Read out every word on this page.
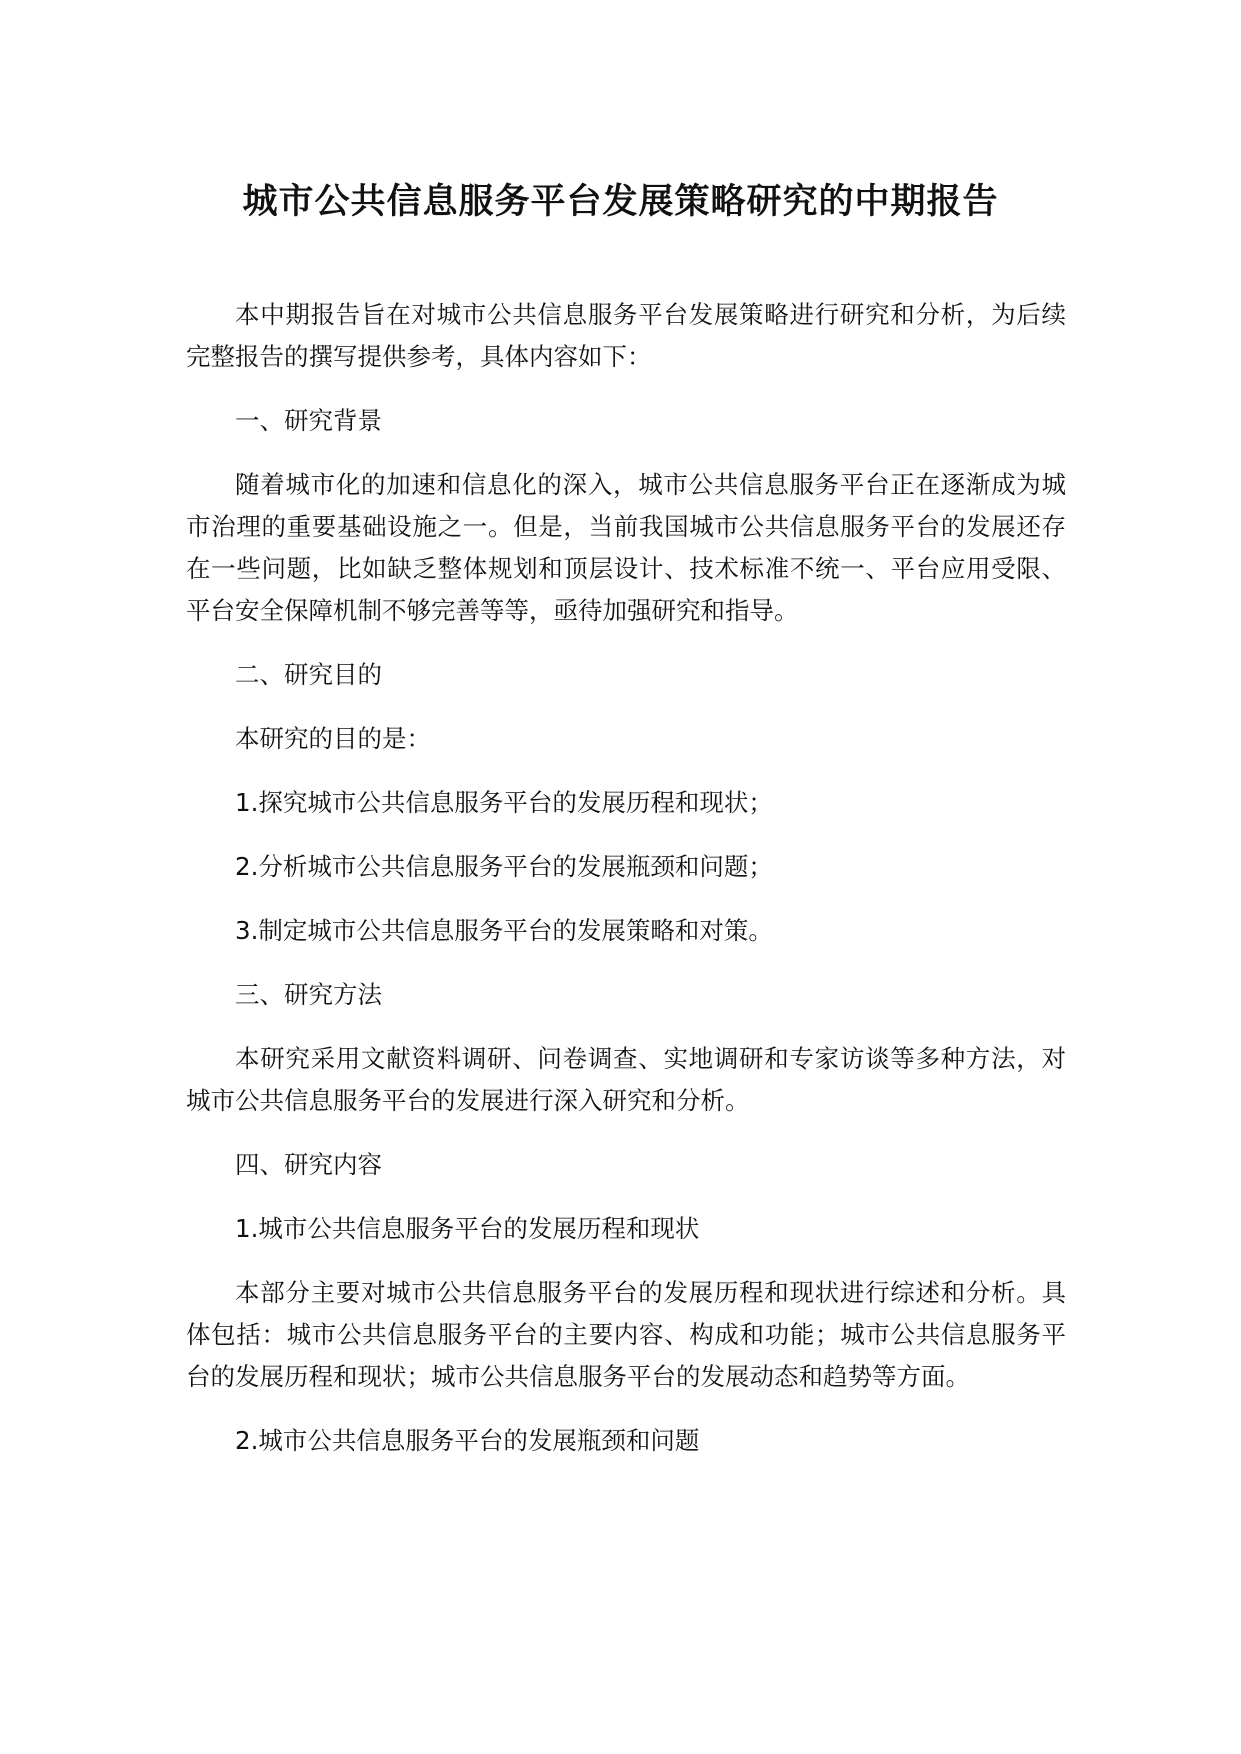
城市公共信息服务平台发展策略研究的中期报告

本中期报告旨在对城市公共信息服务平台发展策略进行研究和分析，为后续完整报告的撰写提供参考，具体内容如下：

一、研究背景

随着城市化的加速和信息化的深入，城市公共信息服务平台正在逐渐成为城市治理的重要基础设施之一。但是，当前我国城市公共信息服务平台的发展还存在一些问题，比如缺乏整体规划和顶层设计、技术标准不统一、平台应用受限、平台安全保障机制不够完善等等，亟待加强研究和指导。

二、研究目的

本研究的目的是：

1.探究城市公共信息服务平台的发展历程和现状；

2.分析城市公共信息服务平台的发展瓶颈和问题；

3.制定城市公共信息服务平台的发展策略和对策。

三、研究方法

本研究采用文献资料调研、问卷调查、实地调研和专家访谈等多种方法，对城市公共信息服务平台的发展进行深入研究和分析。

四、研究内容

1.城市公共信息服务平台的发展历程和现状

本部分主要对城市公共信息服务平台的发展历程和现状进行综述和分析。具体包括：城市公共信息服务平台的主要内容、构成和功能；城市公共信息服务平台的发展历程和现状；城市公共信息服务平台的发展动态和趋势等方面。

2.城市公共信息服务平台的发展瓶颈和问题
